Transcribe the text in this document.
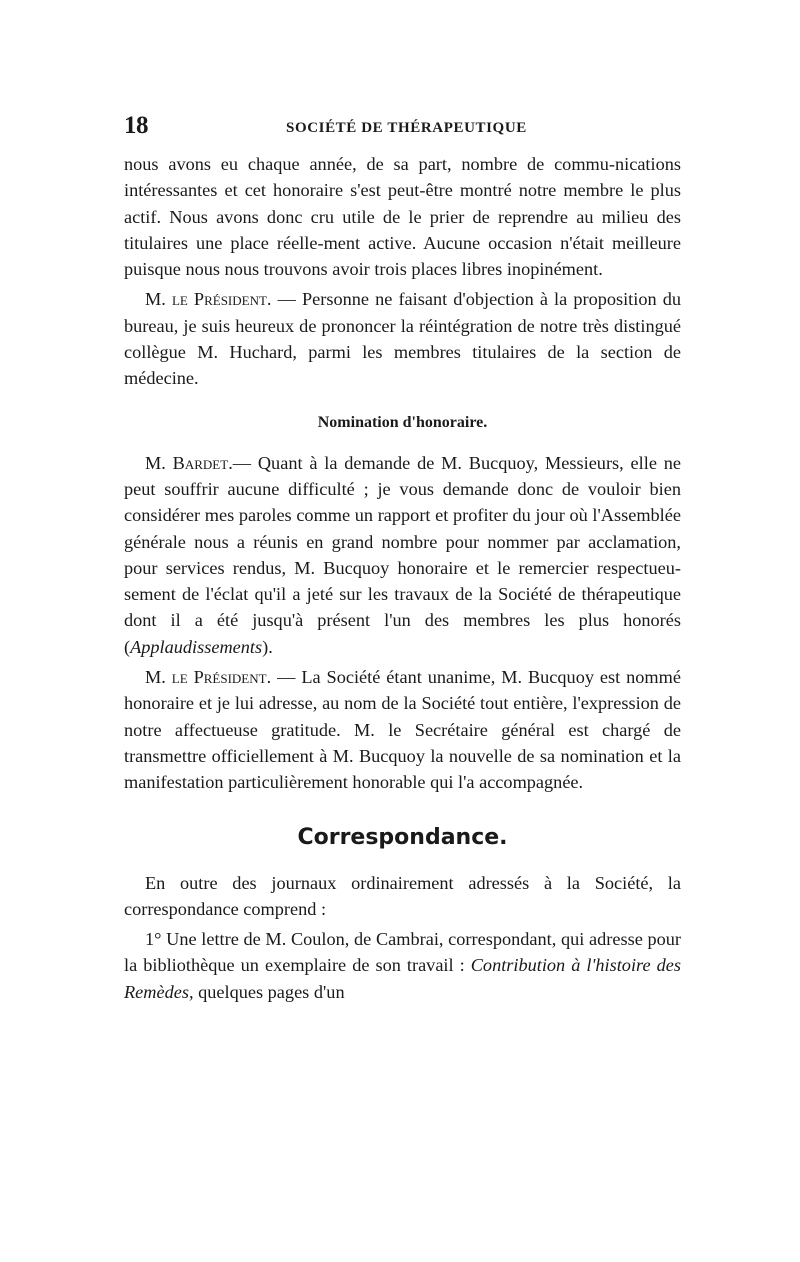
18	SOCIÉTÉ DE THÉRAPEUTIQUE

nous avons eu chaque année, de sa part, nombre de commu-nications intéressantes et cet honoraire s'est peut-être montré notre membre le plus actif. Nous avons donc cru utile de le prier de reprendre au milieu des titulaires une place réelle-ment active. Aucune occasion n'était meilleure puisque nous nous trouvons avoir trois places libres inopinément.

M. le Président. — Personne ne faisant d'objection à la proposition du bureau, je suis heureux de prononcer la réintégration de notre très distingué collègue M. Huchard, parmi les membres titulaires de la section de médecine.

Nomination d'honoraire.

M. Bardet.— Quant à la demande de M. Bucquoy, Messieurs, elle ne peut souffrir aucune difficulté ; je vous demande donc de vouloir bien considérer mes paroles comme un rapport et profiter du jour où l'Assemblée générale nous a réunis en grand nombre pour nommer par acclamation, pour services rendus, M. Bucquoy honoraire et le remercier respectueu-sement de l'éclat qu'il a jeté sur les travaux de la Société de thérapeutique dont il a été jusqu'à présent l'un des membres les plus honorés (Applaudissements).

M. le Président. — La Société étant unanime, M. Bucquoy est nommé honoraire et je lui adresse, au nom de la Société tout entière, l'expression de notre affectueuse gratitude. M. le Secrétaire général est chargé de transmettre officiellement à M. Bucquoy la nouvelle de sa nomination et la manifestation particulièrement honorable qui l'a accompagnée.

Correspondance.

En outre des journaux ordinairement adressés à la Société, la correspondance comprend :

1° Une lettre de M. Coulon, de Cambrai, correspondant, qui adresse pour la bibliothèque un exemplaire de son travail : Contribution à l'histoire des Remèdes, quelques pages d'un
